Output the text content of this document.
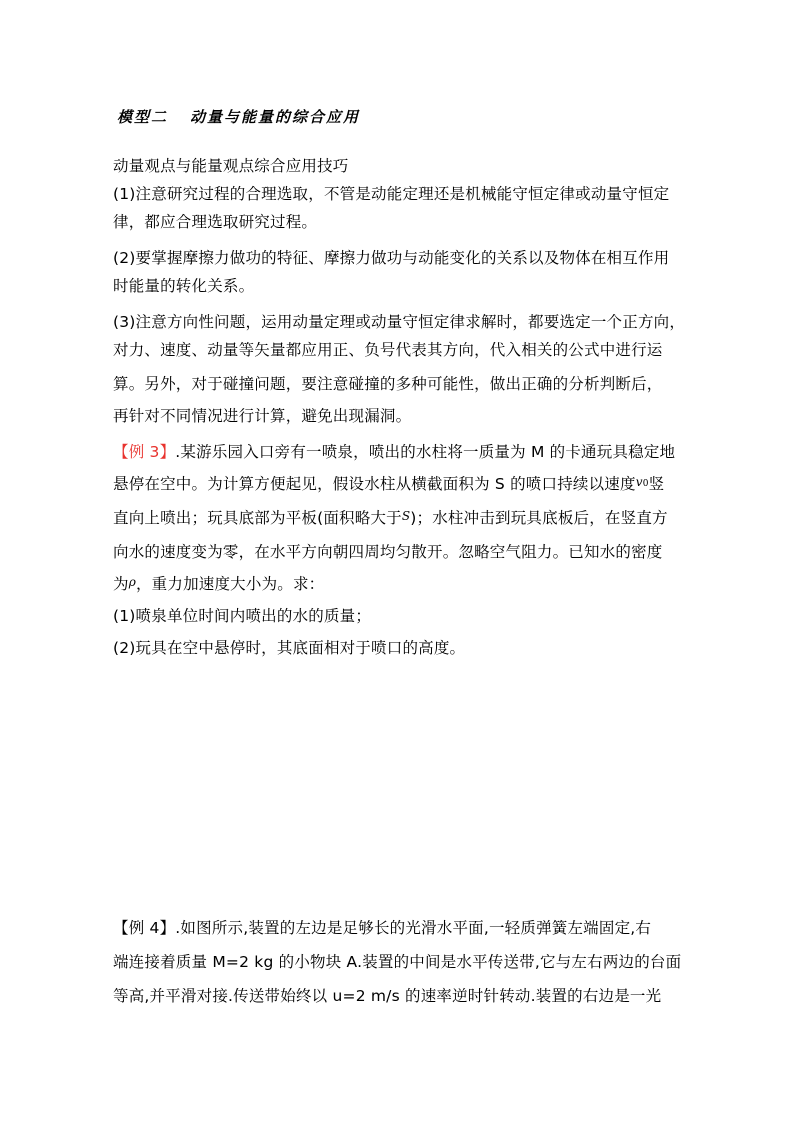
模型二 动量与能量的综合应用
动量观点与能量观点综合应用技巧
(1)注意研究过程的合理选取，不管是动能定理还是机械能守恒定律或动量守恒定
律，都应合理选取研究过程。
(2)要掌握摩擦力做功的特征、摩擦力做功与动能变化的关系以及物体在相互作用
时能量的转化关系。
(3)注意方向性问题，运用动量定理或动量守恒定律求解时，都要选定一个正方向，
对力、速度、动量等矢量都应用正、负号代表其方向，代入相关的公式中进行运
算。另外，对于碰撞问题，要注意碰撞的多种可能性，做出正确的分析判断后，
再针对不同情况进行计算，避免出现漏洞。
【例 3】.某游乐园入口旁有一喷泉，喷出的水柱将一质量为 M 的卡通玩具稳定地
悬停在空中。为计算方便起见，假设水柱从横截面积为 S 的喷口持续以速度v0竖
直向上喷出；玩具底部为平板(面积略大于S)；水柱冲击到玩具底板后，在竖直方
向水的速度变为零，在水平方向朝四周均匀散开。忽略空气阻力。已知水的密度
为ρ，重力加速度大小为。求：
(1)喷泉单位时间内喷出的水的质量；
(2)玩具在空中悬停时，其底面相对于喷口的高度。
【例 4】.如图所示,装置的左边是足够长的光滑水平面,一轻质弹簧左端固定,右
端连接着质量 M=2 kg 的小物块 A.装置的中间是水平传送带,它与左右两边的台面
等高,并平滑对接.传送带始终以 u=2 m/s 的速率逆时针转动.装置的右边是一光
